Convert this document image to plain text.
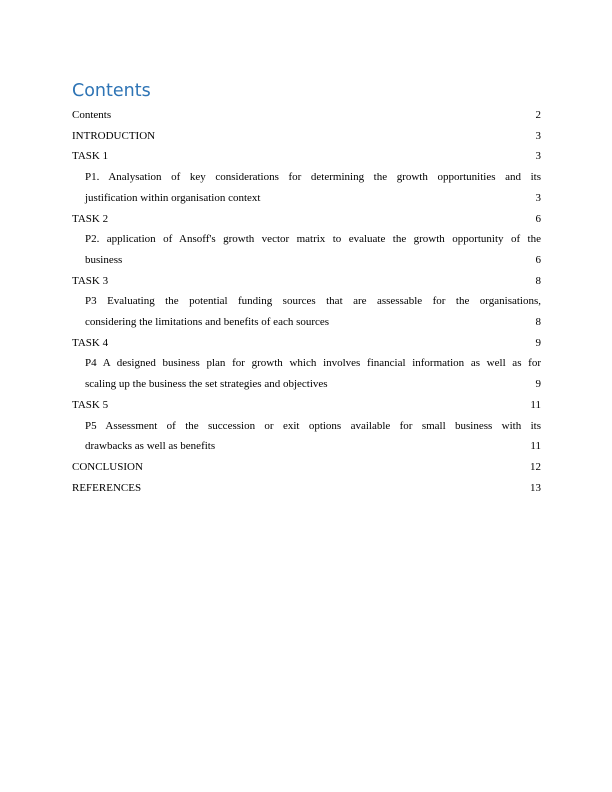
Contents
Contents .....	2
INTRODUCTION .....	3
TASK 1 .....	3
P1. Analysation of key considerations for determining the growth opportunities and its
justification within organisation context .....	3
TASK 2 .....	6
P2. application of Ansoff's growth vector matrix to evaluate the growth opportunity of the
business .....	6
TASK 3 .....	8
P3 Evaluating the potential funding sources that are assessable for the organisations,
considering the limitations and benefits of each sources .....	8
TASK 4 .....	9
P4 A designed business plan for growth which involves financial information as well as for
scaling up the business the set strategies and objectives .....	9
TASK 5 .....	11
P5 Assessment of the succession or exit options available for small business with its
drawbacks as well as benefits .....	11
CONCLUSION .....	12
REFERENCES .....	13
